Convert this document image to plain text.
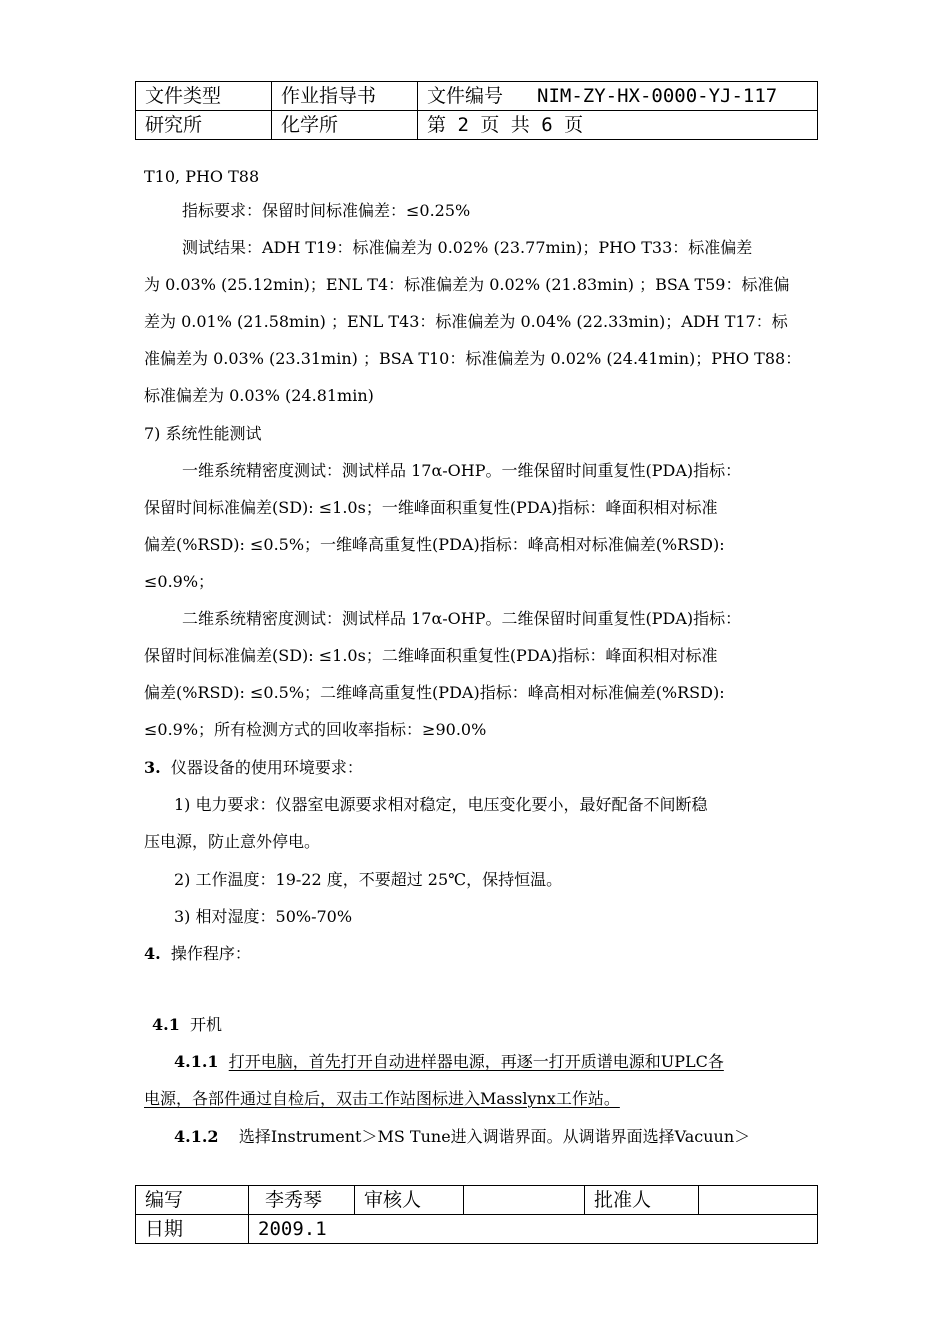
文件类型	作业指导书	文件编号 NIM-ZY-HX-0000-YJ-117
研究所	化学所	第 2 页 共 6 页
T10, PHO T88
指标要求：保留时间标准偏差：≤0.25%
测试结果：ADH T19：标准偏差为 0.02% (23.77min)；PHO T33：标准偏差
为 0.03% (25.12min)；ENL T4：标准偏差为 0.02% (21.83min) ；BSA T59：标准偏
差为 0.01% (21.58min) ；ENL T43：标准偏差为 0.04% (22.33min)；ADH T17：标
准偏差为 0.03% (23.31min) ；BSA T10：标准偏差为 0.02% (24.41min)；PHO T88：
标准偏差为 0.03% (24.81min)
7) 系统性能测试
一维系统精密度测试：测试样品 17α-OHP。一维保留时间重复性(PDA)指标：
保留时间标准偏差(SD): ≤1.0s；一维峰面积重复性(PDA)指标：峰面积相对标准
偏差(%RSD): ≤0.5%；一维峰高重复性(PDA)指标：峰高相对标准偏差(%RSD):
≤0.9%；
二维系统精密度测试：测试样品 17α-OHP。二维保留时间重复性(PDA)指标：
保留时间标准偏差(SD): ≤1.0s；二维峰面积重复性(PDA)指标：峰面积相对标准
偏差(%RSD): ≤0.5%；二维峰高重复性(PDA)指标：峰高相对标准偏差(%RSD):
≤0.9%；所有检测方式的回收率指标：≥90.0%
3. 仪器设备的使用环境要求：
1) 电力要求：仪器室电源要求相对稳定，电压变化要小，最好配备不间断稳
压电源，防止意外停电。
2) 工作温度：19-22 度，不要超过 25℃，保持恒温。
3) 相对湿度：50%-70%
4. 操作程序：
4.1 开机
4.1.1 打开电脑，首先打开自动进样器电源，再逐一打开质谱电源和UPLC各
电源，各部件通过自检后，双击工作站图标进入Masslynx工作站。
4.1.2 选择Instrument＞MS Tune进入调谐界面。从调谐界面选择Vacuun＞
编写	李秀琴	审核人		批准人	
日期	2009.1				
